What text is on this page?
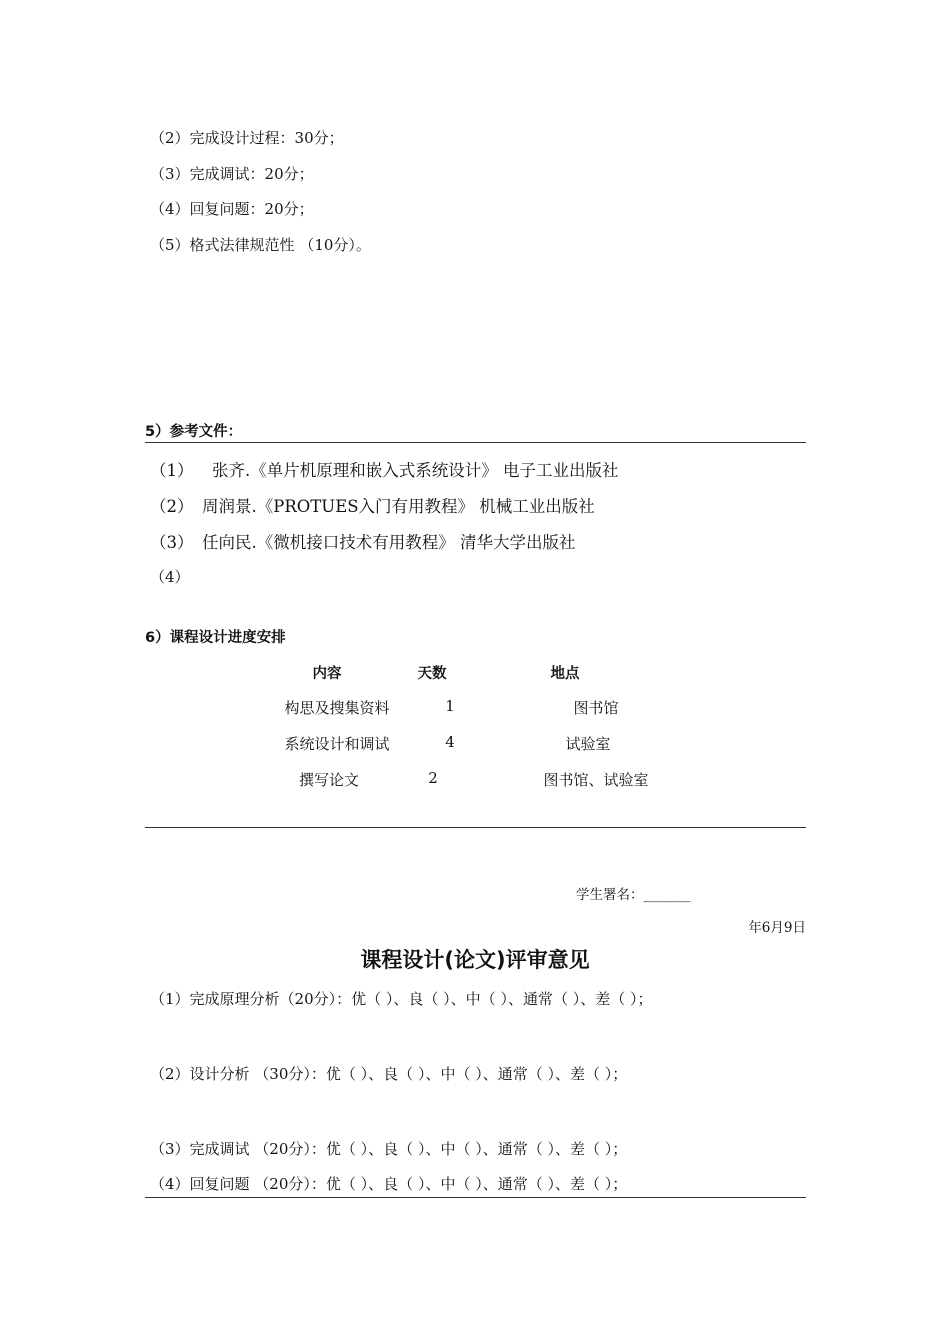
（2）完成设计过程：30分；
（3）完成调试：20分；
（4）回复问题：20分；
（5）格式法律规范性 （10分）。
5）参考文件：
（1） 张齐.《单片机原理和嵌入式系统设计》 电子工业出版社
（2） 周润景.《PROTUES入门有用教程》 机械工业出版社
（3） 任向民.《微机接口技术有用教程》 清华大学出版社
（4）
6）课程设计进度安排
内容	天数	地点
构思及搜集资料	1	图书馆
系统设计和调试	4	试验室
撰写论文	2	图书馆、试验室
学生署名：_______
年6月9日
课程设计(论文)评审意见
（1）完成原理分析（20分）：优（ ）、良（ ）、中（ ）、通常（ ）、差（ ）；
（2）设计分析 （30分）：优（ ）、良（ ）、中（ ）、通常（ ）、差（ ）；
（3）完成调试 （20分）：优（ ）、良（ ）、中（ ）、通常（ ）、差（ ）；
（4）回复问题 （20分）：优（ ）、良（ ）、中（ ）、通常（ ）、差（ ）；
